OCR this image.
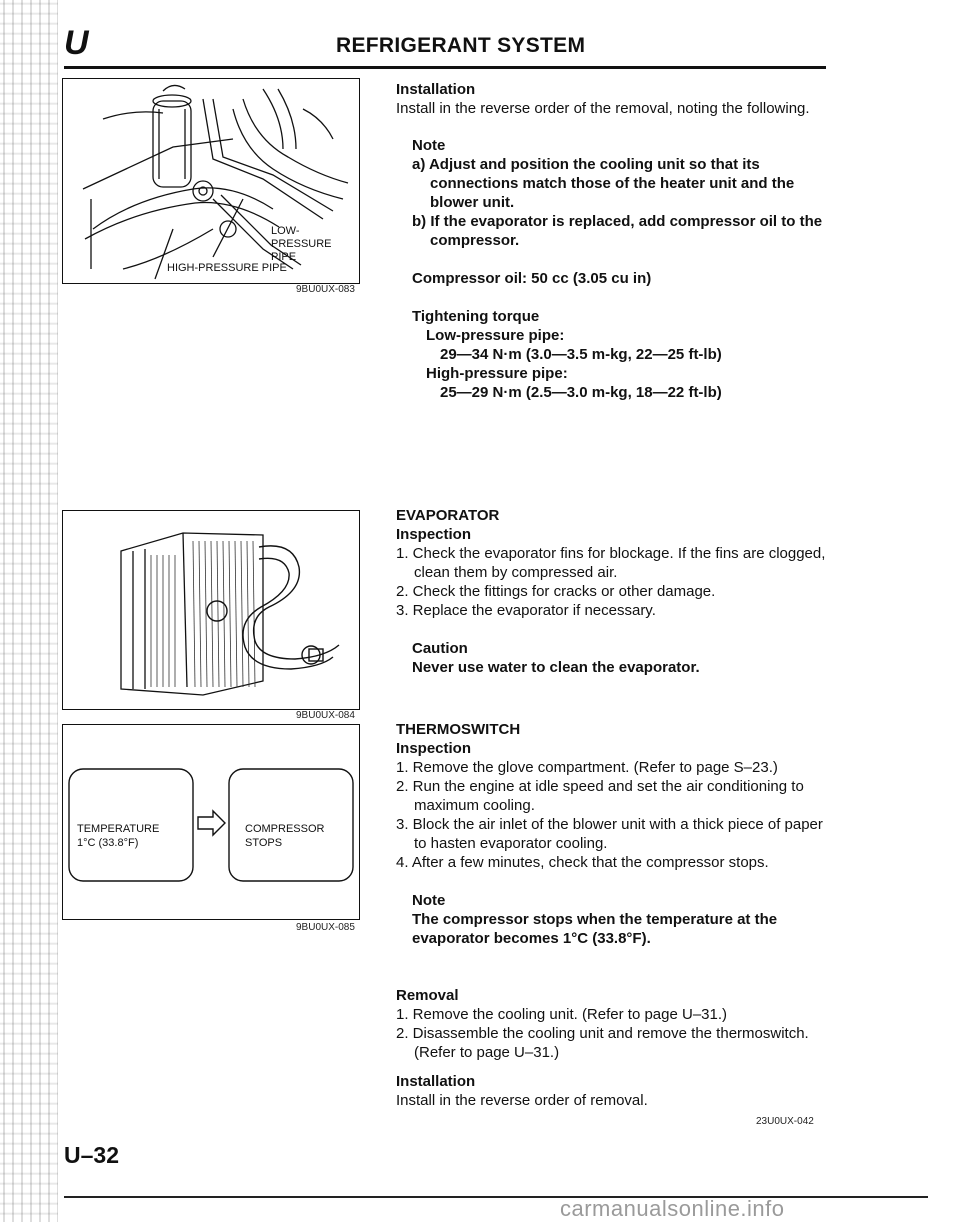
U	REFRIGERANT SYSTEM
LOW-PRESSURE PIPE
HIGH-PRESSURE PIPE
9BU0UX-083
9BU0UX-084
TEMPERATURE
1°C (33.8°F)
COMPRESSOR
STOPS
9BU0UX-085

Installation

Install in the reverse order of the removal, noting the following.

Note

a) Adjust and position the cooling unit so that its connections match those of the heater unit and the blower unit.

b) If the evaporator is replaced, add compressor oil to the compressor.

Compressor oil: 50 cc (3.05 cu in)

Tightening torque

Low-pressure pipe:

29—34 N·m (3.0—3.5 m-kg, 22—25 ft-lb)

High-pressure pipe:

25—29 N·m (2.5—3.0 m-kg, 18—22 ft-lb)

EVAPORATOR

Inspection

1. Check the evaporator fins for blockage. If the fins are clogged, clean them by compressed air.

2. Check the fittings for cracks or other damage.

3. Replace the evaporator if necessary.

Caution

Never use water to clean the evaporator.

THERMOSWITCH

Inspection

1. Remove the glove compartment. (Refer to page S–23.)

2. Run the engine at idle speed and set the air conditioning to maximum cooling.

3. Block the air inlet of the blower unit with a thick piece of paper to hasten evaporator cooling.

4. After a few minutes, check that the compressor stops.

Note

The compressor stops when the temperature at the evaporator becomes 1°C (33.8°F).

Removal

1. Remove the cooling unit. (Refer to page U–31.)

2. Disassemble the cooling unit and remove the thermoswitch. (Refer to page U–31.)

Installation

Install in the reverse order of removal.

23U0UX-042
U–32
carmanualsonline.info
